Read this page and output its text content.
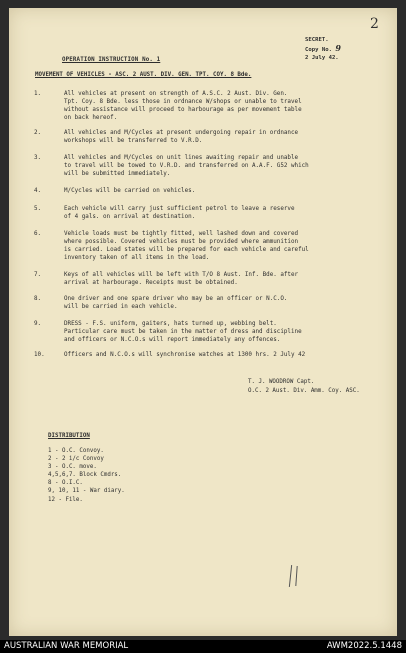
2
SECRET.
Copy No. 9
2 July 42.
OPERATION INSTRUCTION No. 1
MOVEMENT OF VEHICLES - ASC. 2 AUST. DIV. GEN. TPT. COY. 8 Bde.
1.	All vehicles at present on strength of A.S.C. 2 Aust. Div. Gen.
Tpt. Coy. 8 Bde. less those in ordnance W/shops or unable to travel
without assistance will proceed to harbourage as per movement table
on back hereof.
2.	All vehicles and M/Cycles at present undergoing repair in ordnance
workshops will be transferred to V.R.D.
3.	All vehicles and M/Cycles on unit lines awaiting repair and unable
to travel will be towed to V.R.D. and transferred on A.A.F. G52 which
will be submitted immediately.
4.	M/Cycles will be carried on vehicles.
5.	Each vehicle will carry just sufficient petrol to leave a reserve
of 4 gals. on arrival at destination.
6.	Vehicle loads must be tightly fitted, well lashed down and covered
where possible. Covered vehicles must be provided where ammunition
is carried. Load states will be prepared for each vehicle and careful
inventory taken of all items in the load.
7.	Keys of all vehicles will be left with T/O 8 Aust. Inf. Bde. after
arrival at harbourage. Receipts must be obtained.
8.	One driver and one spare driver who may be an officer or N.C.O.
will be carried in each vehicle.
9.	DRESS - F.S. uniform, gaiters, hats turned up, webbing belt.
Particular care must be taken in the matter of dress and discipline
and officers or N.C.O.s will report immediately any offences.
10.	Officers and N.C.O.s will synchronise watches at 1300 hrs. 2 July 42
T. J. WOODROW Capt.
O.C. 2 Aust. Div. Amm. Coy. ASC.
DISTRIBUTION
1 - O.C. Convoy.
2 - 2 i/c Convoy
3 - O.C. move.
4,5,6,7. Block Cmdrs.
8 - O.I.C.
9, 10, 11 - War diary.
12 - File.
AUSTRALIAN WAR MEMORIAL	AWM2022.5.1448
